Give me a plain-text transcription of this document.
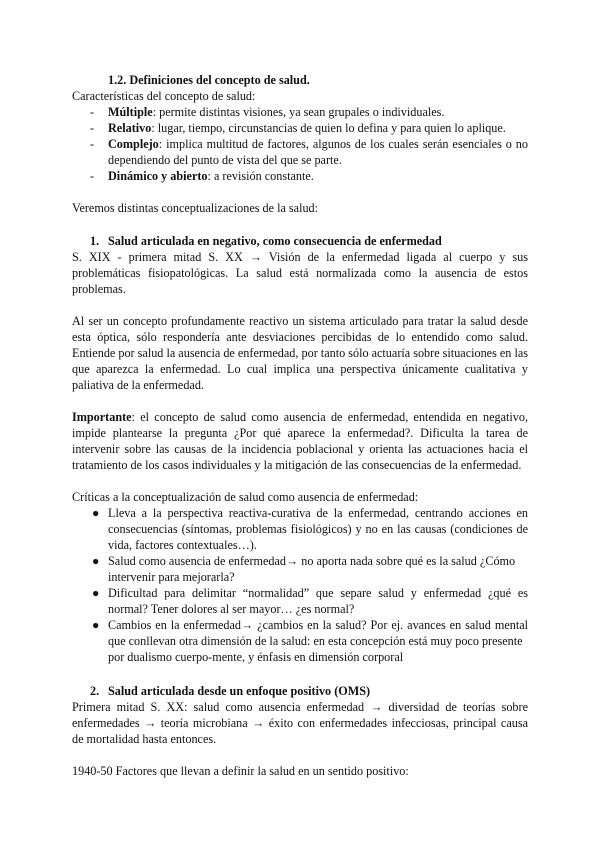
1.2. Definiciones del concepto de salud.
Características del concepto de salud:
- Múltiple: permite distintas visiones, ya sean grupales o individuales.
- Relativo: lugar, tiempo, circunstancias de quien lo defina y para quien lo aplique.
- Complejo: implica multitud de factores, algunos de los cuales serán esenciales o no
dependiendo del punto de vista del que se parte.
- Dinámico y abierto: a revisión constante.
Veremos distintas conceptualizaciones de la salud:
1. Salud articulada en negativo, como consecuencia de enfermedad
S. XIX - primera mitad S. XX → Visión de la enfermedad ligada al cuerpo y sus
problemáticas fisiopatológicas. La salud está normalizada como la ausencia de estos
problemas.
Al ser un concepto profundamente reactivo un sistema articulado para tratar la salud desde
esta óptica, sólo respondería ante desviaciones percibidas de lo entendido como salud.
Entiende por salud la ausencia de enfermedad, por tanto sólo actuaría sobre situaciones en las
que aparezca la enfermedad. Lo cual implica una perspectiva únicamente cualitativa y
paliativa de la enfermedad.
Importante: el concepto de salud como ausencia de enfermedad, entendida en negativo,
impide plantearse la pregunta ¿Por qué aparece la enfermedad?. Dificulta la tarea de
intervenir sobre las causas de la incidencia poblacional y orienta las actuaciones hacia el
tratamiento de los casos individuales y la mitigación de las consecuencias de la enfermedad.
Críticas a la conceptualización de salud como ausencia de enfermedad:
● Lleva a la perspectiva reactiva-curativa de la enfermedad, centrando acciones en
consecuencias (síntomas, problemas fisiológicos) y no en las causas (condiciones de
vida, factores contextuales…).
● Salud como ausencia de enfermedad→ no aporta nada sobre qué es la salud ¿Cómo
intervenir para mejorarla?
● Dificultad para delimitar “normalidad” que separe salud y enfermedad ¿qué es
normal? Tener dolores al ser mayor… ¿es normal?
● Cambios en la enfermedad→ ¿cambios en la salud? Por ej. avances en salud mental
que conllevan otra dimensión de la salud: en esta concepción está muy poco presente
por dualismo cuerpo-mente, y énfasis en dimensión corporal
2. Salud articulada desde un enfoque positivo (OMS)
Primera mitad S. XX: salud como ausencia enfermedad → diversidad de teorías sobre
enfermedades → teoría microbiana → éxito con enfermedades infecciosas, principal causa
de mortalidad hasta entonces.
1940-50 Factores que llevan a definir la salud en un sentido positivo:
